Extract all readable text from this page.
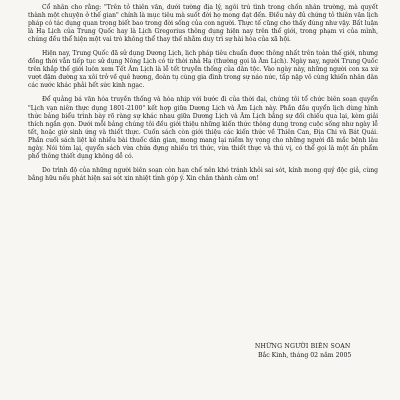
Cổ nhân cho rằng: "Trên tỏ thiên văn, dưới tường địa lý, ngôi trú tình trong chốn nhân trường, mà quyết thành một chuyện ở thế gian" chính là mục tiêu mà suốt đời họ mong đạt đến. Điều này đủ chứng tỏ thiên văn lịch pháp có tác dụng quan trọng biết bao trong đời sống của con người. Thực tế cũng cho thấy đúng như vậy. Bất luận là Hạ Lịch của Trung Quốc hay là Lịch Gregorius thông dụng hiện nay trên thế giới, trong phạm vi của mình, chúng đều thể hiện một vai trò không thể thay thế nhằm duy trì sự hài hòa của xã hội.

Hiện nay, Trung Quốc đã sử dụng Dương Lịch, lịch pháp tiêu chuẩn được thông nhất trên toàn thế giới, nhưng đồng thời vẫn tiếp tục sử dụng Nông Lịch có từ thời nhà Hạ (thường gọi là Âm Lịch). Ngày nay, người Trung Quốc trên khắp thế giới luôn xem Tết Âm Lịch là lễ tết truyền thống của dân tộc. Vào ngày này, những người con xa xứ vượt đậm đường xa xôi trở về quê hương, đoàn tụ cùng gia đình trong sự náo nức, tấp nập vô cùng khiến nhân dân các nước khác phải hết sức kinh ngạc.

Để quảng bá văn hóa truyền thống và hòa nhịp với bước đi của thời đại, chúng tôi tổ chức biên soạn quyển "Lịch vạn niên thực dụng 1801-2100" kết hợp giữa Dương Lịch và Âm Lịch này. Phần đầu quyển lịch dùng hình thức bảng biểu trình bày rõ ràng sự khác nhau giữa Dương Lịch và Âm Lịch bằng sự đối chiếu qua lại, kèm giải thích ngắn gọn. Dưới mỗi bảng chúng tôi đều giới thiệu những kiến thức thông dụng trong cuộc sống như ngày lễ tết, hoặc giờ sinh ứng và thiết thực. Cuốn sách còn giới thiệu các kiến thức về Thiên Can, Địa Chi và Bát Quái. Phần cuối sách liệt kê nhiều bài thuốc dân gian, mong mang lại niềm hy vọng cho những người đã mắc bệnh lâu ngày. Nói tóm lại, quyển sách vừa chứa đựng nhiều tri thức, vừa thiết thực và thú vị, có thể gọi là một ấn phẩm phổ thông thiết dụng không dễ có.

Do trình độ của những người biên soạn còn hạn chế nên khó tránh khỏi sai sót, kính mong quý độc giả, cùng bằng hữu nếu phát hiện sai sót xin nhiệt tình góp ý. Xin chân thành cảm ơn!

NHỮNG NGƯỜI BIÊN SOẠN
Bắc Kinh, tháng 02 năm 2005
